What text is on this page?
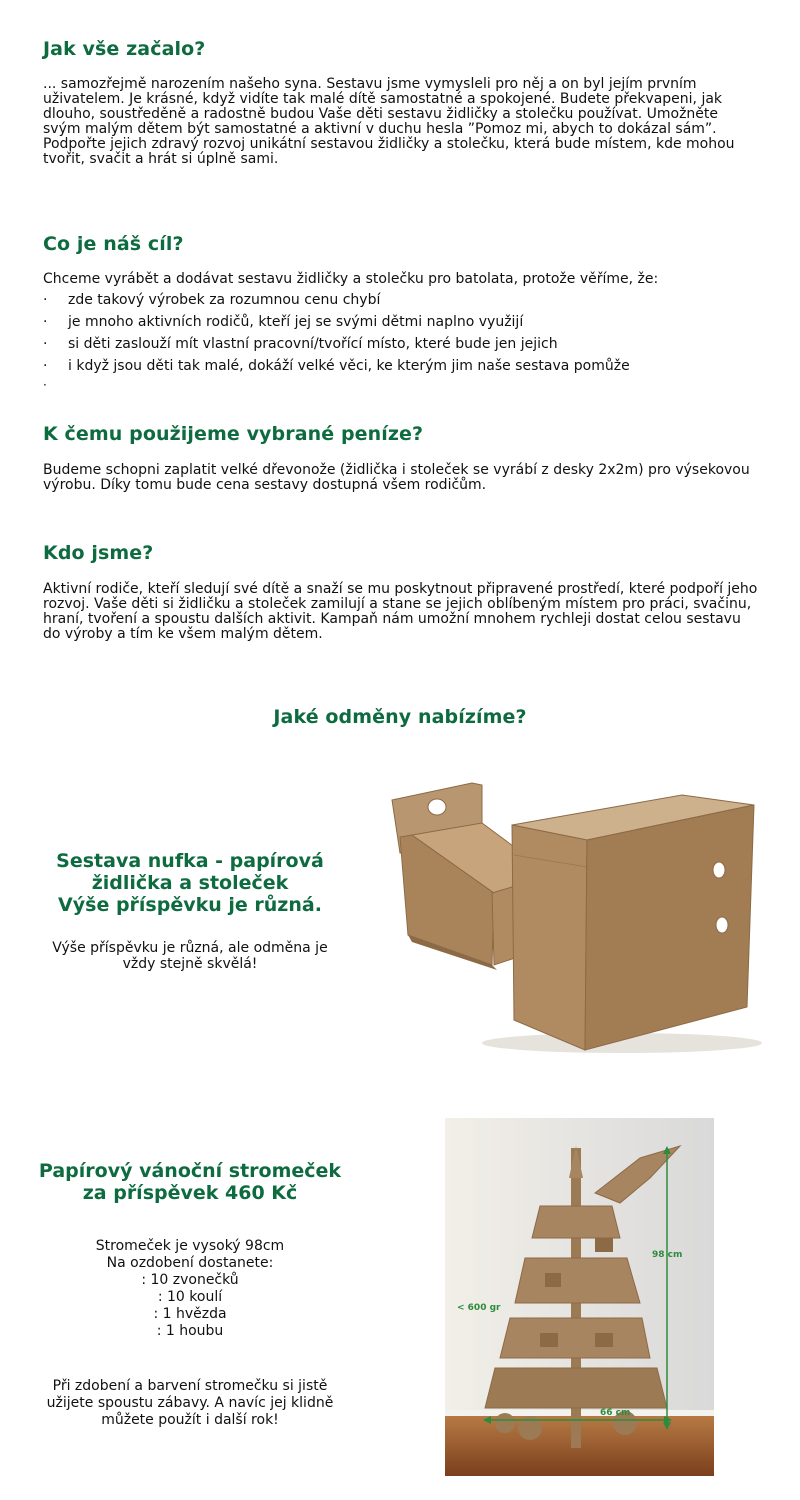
Jak vše začalo?

... samozřejmě narozením našeho syna. Sestavu jsme vymysleli pro něj a on byl jejím prvním uživatelem. Je krásné, když vidíte tak malé dítě samostatné a spokojené. Budete překvapeni, jak dlouho, soustředěně a radostně budou Vaše děti sestavu židličky a stolečku používat. Umožněte svým malým dětem být samostatné a aktivní v duchu hesla ”Pomoz mi, abych to dokázal sám”. Podpořte jejich zdravý rozvoj unikátní sestavou židličky a stolečku, která bude místem, kde mohou tvořit, svačit a hrát si úplně sami.

Co je náš cíl?

Chceme vyrábět a dodávat sestavu židličky a stolečku pro batolata, protože věříme, že:

· zde takový výrobek za rozumnou cenu chybí
· je mnoho aktivních rodičů, kteří jej se svými dětmi naplno využijí
· si děti zaslouží mít vlastní pracovní/tvořící místo, které bude jen jejich
· i když jsou děti tak malé, dokáží velké věci, ke kterým jim naše sestava pomůže
·
K čemu použijeme vybrané peníze?

Budeme schopni zaplatit velké dřevonože (židlička i stoleček se vyrábí z desky 2x2m) pro výsekovou výrobu. Díky tomu bude cena sestavy dostupná všem rodičům.

Kdo jsme?

Aktivní rodiče, kteří sledují své dítě a snaží se mu poskytnout připravené prostředí, které podpoří jeho rozvoj. Vaše děti si židličku a stoleček zamilují a stane se jejich oblíbeným místem pro práci, svačinu, hraní, tvoření a spoustu dalších aktivit. Kampaň nám umožní mnohem rychleji dostat celou sestavu do výroby a tím ke všem malým dětem.

Jaké odměny nabízíme?
Sestava nufka - papírová
židlička a stoleček
Výše příspěvku je různá.

Výše příspěvku je různá, ale odměna je

vždy stejně skvělá!

Papírový vánoční stromeček
za příspěvek 460 Kč

Stromeček je vysoký 98cm

Na ozdobení dostanete:

: 10 zvonečků

: 10 koulí

: 1 hvězda

: 1 houbu

Při zdobení a barvení stromečku si jistě

užijete spoustu zábavy. A navíc jej klidně

můžete použít i další rok!

98 cm
< 600 gr
66 cm
